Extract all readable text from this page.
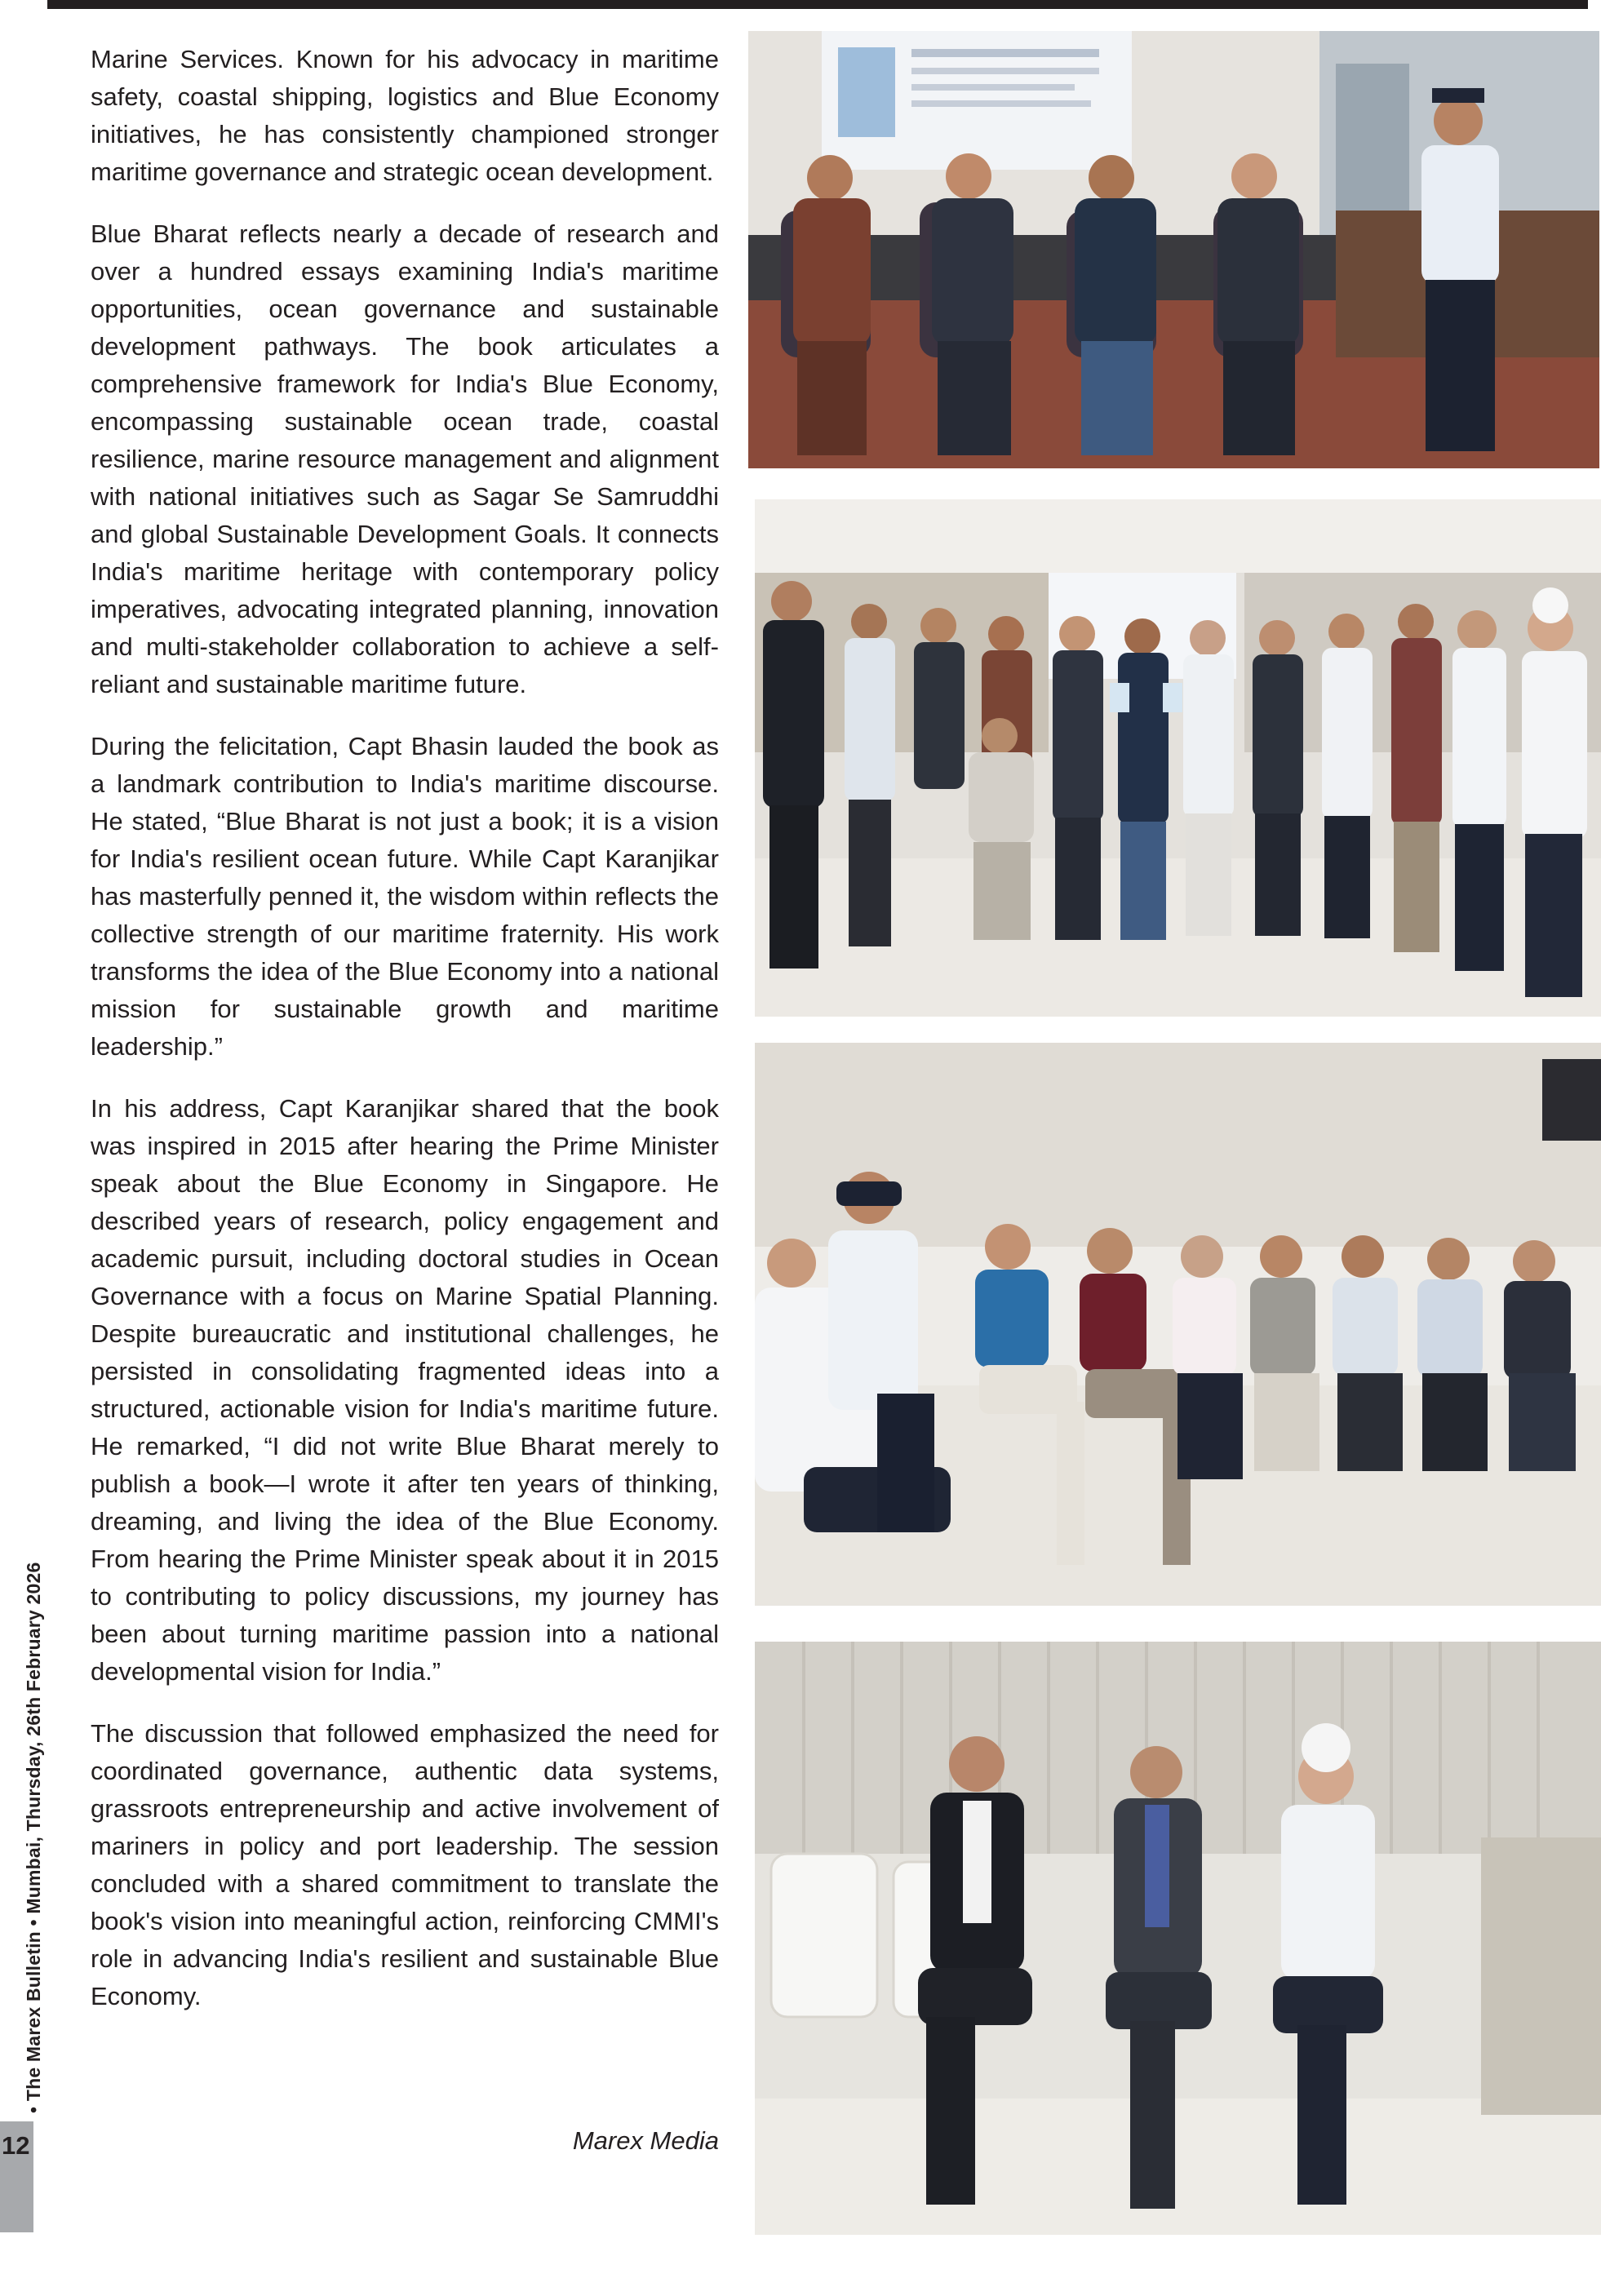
Marine Services. Known for his advocacy in maritime safety, coastal shipping, logistics and Blue Economy initiatives, he has consistently championed stronger maritime governance and strategic ocean development.

Blue Bharat reflects nearly a decade of research and over a hundred essays examining India's maritime opportunities, ocean governance and sustainable development pathways. The book articulates a comprehensive framework for India's Blue Economy, encompassing sustainable ocean trade, coastal resilience, marine resource management and alignment with national initiatives such as Sagar Se Samruddhi and global Sustainable Development Goals. It connects India's maritime heritage with contemporary policy imperatives, advocating integrated planning, innovation and multi-stakeholder collaboration to achieve a self-reliant and sustainable maritime future.

During the felicitation, Capt Bhasin lauded the book as a landmark contribution to India's maritime discourse. He stated, “Blue Bharat is not just a book; it is a vision for India's resilient ocean future. While Capt Karanjikar has masterfully penned it, the wisdom within reflects the collective strength of our maritime fraternity. His work transforms the idea of the Blue Economy into a national mission for sustainable growth and maritime leadership.”

In his address, Capt Karanjikar shared that the book was inspired in 2015 after hearing the Prime Minister speak about the Blue Economy in Singapore. He described years of research, policy engagement and academic pursuit, including doctoral studies in Ocean Governance with a focus on Marine Spatial Planning. Despite bureaucratic and institutional challenges, he persisted in consolidating fragmented ideas into a structured, actionable vision for India's maritime future. He remarked, “I did not write Blue Bharat merely to publish a book—I wrote it after ten years of thinking, dreaming, and living the idea of the Blue Economy. From hearing the Prime Minister speak about it in 2015 to contributing to policy discussions, my journey has been about turning maritime passion into a national developmental vision for India.”

The discussion that followed emphasized the need for coordinated governance, authentic data systems, grassroots entrepreneurship and active involvement of mariners in policy and port leadership. The session concluded with a shared commitment to translate the book's vision into meaningful action, reinforcing CMMI's role in advancing India's resilient and sustainable Blue Economy.

Marex Media
12
• The Marex Bulletin • Mumbai, Thursday, 26th February 2026
